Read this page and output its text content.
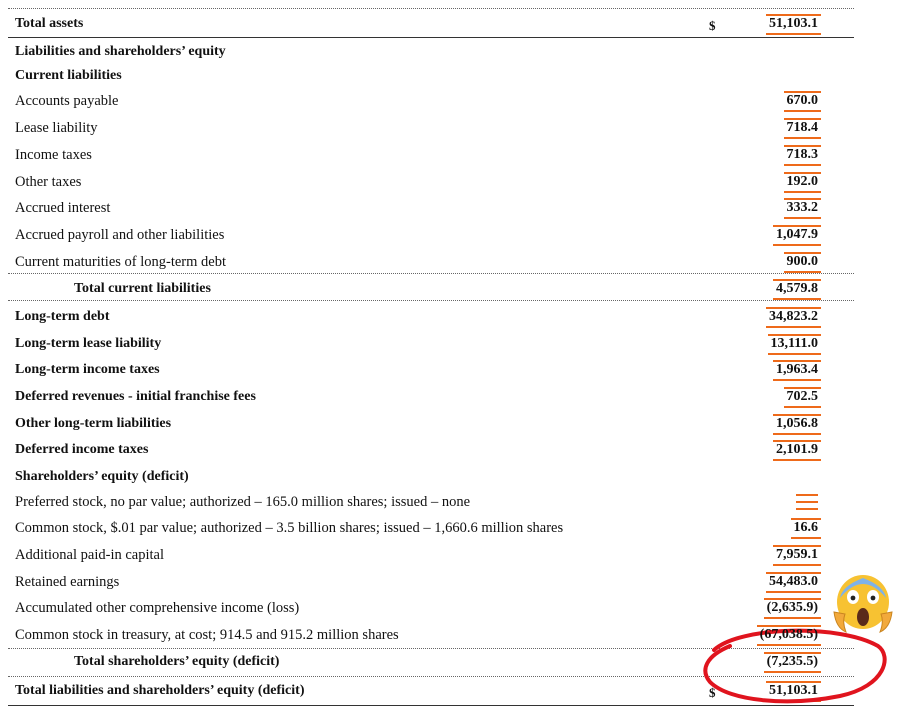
Total assets	$	51,103.1
Liabilities and shareholders’ equity
Current liabilities
Accounts payable	670.0
Lease liability	718.4
Income taxes	718.3
Other taxes	192.0
Accrued interest	333.2
Accrued payroll and other liabilities	1,047.9
Current maturities of long-term debt	900.0
Total current liabilities	4,579.8
Long-term debt	34,823.2
Long-term lease liability	13,111.0
Long-term income taxes	1,963.4
Deferred revenues - initial franchise fees	702.5
Other long-term liabilities	1,056.8
Deferred income taxes	2,101.9
Shareholders’ equity (deficit)
Preferred stock, no par value; authorized – 165.0 million shares; issued – none
Common stock, $.01 par value; authorized – 3.5 billion shares; issued – 1,660.6 million shares	16.6
Additional paid-in capital	7,959.1
Retained earnings	54,483.0
Accumulated other comprehensive income (loss)	(2,635.9)
Common stock in treasury, at cost; 914.5 and 915.2 million shares	(67,038.5)
Total shareholders’ equity (deficit)	(7,235.5)
Total liabilities and shareholders’ equity (deficit)	$	51,103.1
